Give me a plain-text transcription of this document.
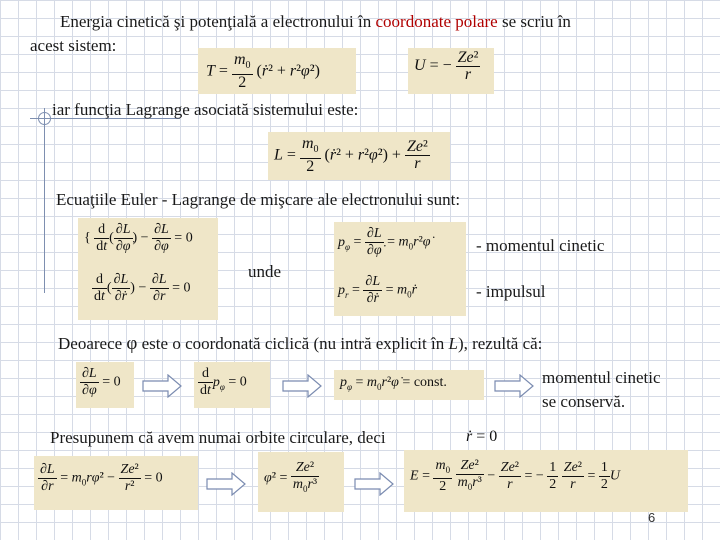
Energia cinetică şi potenţială a electronului în coordonate polare se scriu în
acest sistem:
$T = \frac{m_0}{2}$ (ṙ² + r²φ̇²)	U = − $\frac{\text{Ze²}}{r}$
iar funcţia Lagrange asociată sistemului este:
$L = \frac{m_0}{2}$ (ṙ² + r²φ̇²) + $\frac{\text{Ze²}}{r}$
Ecuaţiile Euler - Lagrange de mişcare ale electronului sunt:
{ $\frac{d}{dt}$ ( $\frac{\partial L}{\partial\varphi̇}$ ) − $\frac{\partial L}{\partial\varphi} = 0$
$\frac{d}{dt}$ ( $\frac{\partial L}{\partial ṙ}$ ) − $\frac{\partial L}{\partial r} = 0$
unde
$p_\varphi = \frac{\partial L}{\partial\varphi̇}$ = $m_0r^2\varphi̇$
$p_r = \frac{\partial L}{\partial ṙ}$ = $m_0ṙ$
- momentul cinetic
- impulsul
Deoarece φ este o coordonată ciclică (nu intră explicit în L), rezultă că:
$\frac{\partial L}{\partial\varphi} = 0$	$\frac{d}{dt} p_\varphi = 0$	$p_\varphi$ = $m_0r^2\varphi̇$ = const.	momentul cinetic
se conservă.
Presupunem că avem numai orbite circulare, deci	ṙ = 0
$\frac{\partial L}{\partial r}$ = $m_0r\varphi̇^2 - \frac{\text{Ze²}}{\text{r²}} = 0$	φ̇² = $\frac{\text{Ze²}}{m_0r^3}$	$E = \frac{m_0}{2}$
$\frac{\text{Ze²}}{m_0r^3} - \frac{\text{Ze²}}{r}$ = − $\frac{1}{2}$
$\frac{\text{Ze²}}{r} = \frac{1}{2}$ U
6
